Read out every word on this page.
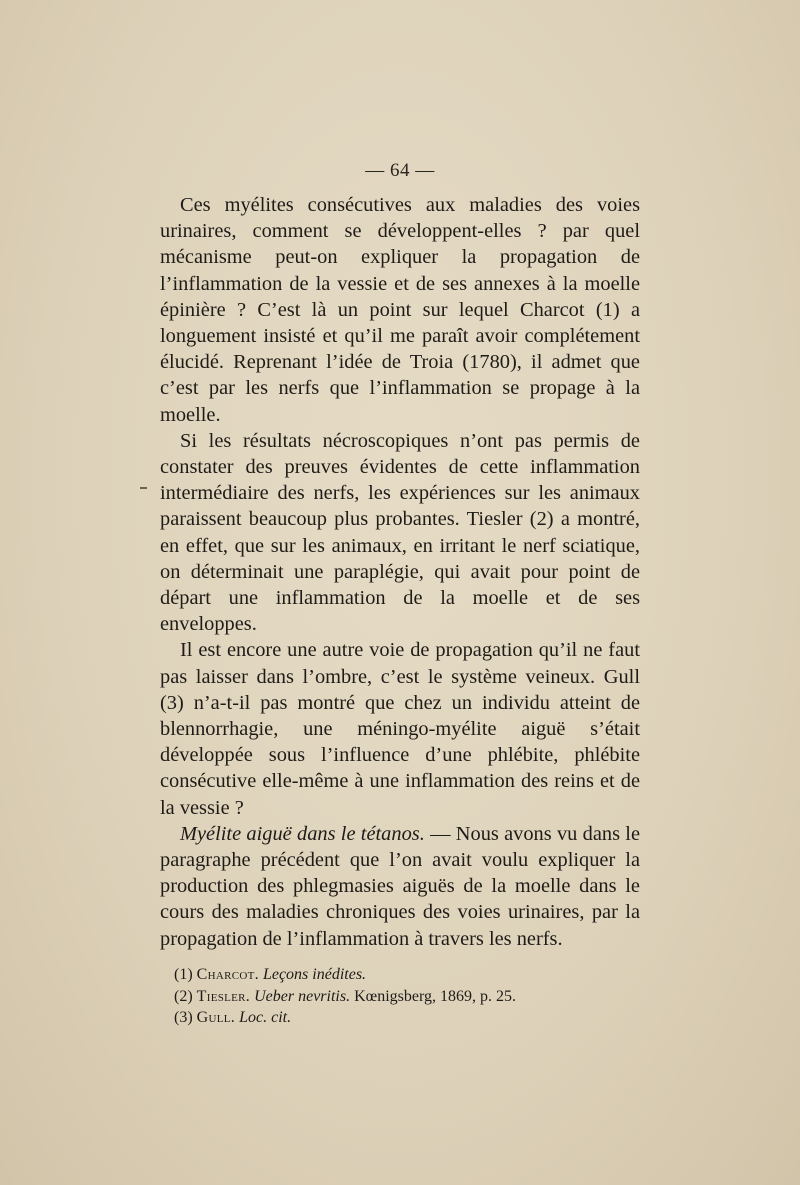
— 64 —

Ces myélites consécutives aux maladies des voies urinaires, comment se développent-elles ? par quel mécanisme peut-on expliquer la propagation de l’inflammation de la vessie et de ses annexes à la moelle épinière ? C’est là un point sur lequel Charcot (1) a longuement insisté et qu’il me paraît avoir complétement élucidé. Reprenant l’idée de Troia (1780), il admet que c’est par les nerfs que l’inflammation se propage à la moelle.

Si les résultats nécroscopiques n’ont pas permis de constater des preuves évidentes de cette inflammation intermédiaire des nerfs, les expériences sur les animaux paraissent beaucoup plus probantes. Tiesler (2) a montré, en effet, que sur les animaux, en irritant le nerf sciatique, on déterminait une paraplégie, qui avait pour point de départ une inflammation de la moelle et de ses enveloppes.

Il est encore une autre voie de propagation qu’il ne faut pas laisser dans l’ombre, c’est le système veineux. Gull (3) n’a-t-il pas montré que chez un individu atteint de blennorrhagie, une méningo-myélite aiguë s’était développée sous l’influence d’une phlébite, phlébite consécutive elle-même à une inflammation des reins et de la vessie ?

Myélite aiguë dans le tétanos. — Nous avons vu dans le paragraphe précédent que l’on avait voulu expliquer la production des phlegmasies aiguës de la moelle dans le cours des maladies chroniques des voies urinaires, par la propagation de l’inflammation à travers les nerfs.

(1) Charcot. Leçons inédites.
(2) Tiesler. Ueber nevritis. Kœnigsberg, 1869, p. 25.
(3) Gull. Loc. cit.
